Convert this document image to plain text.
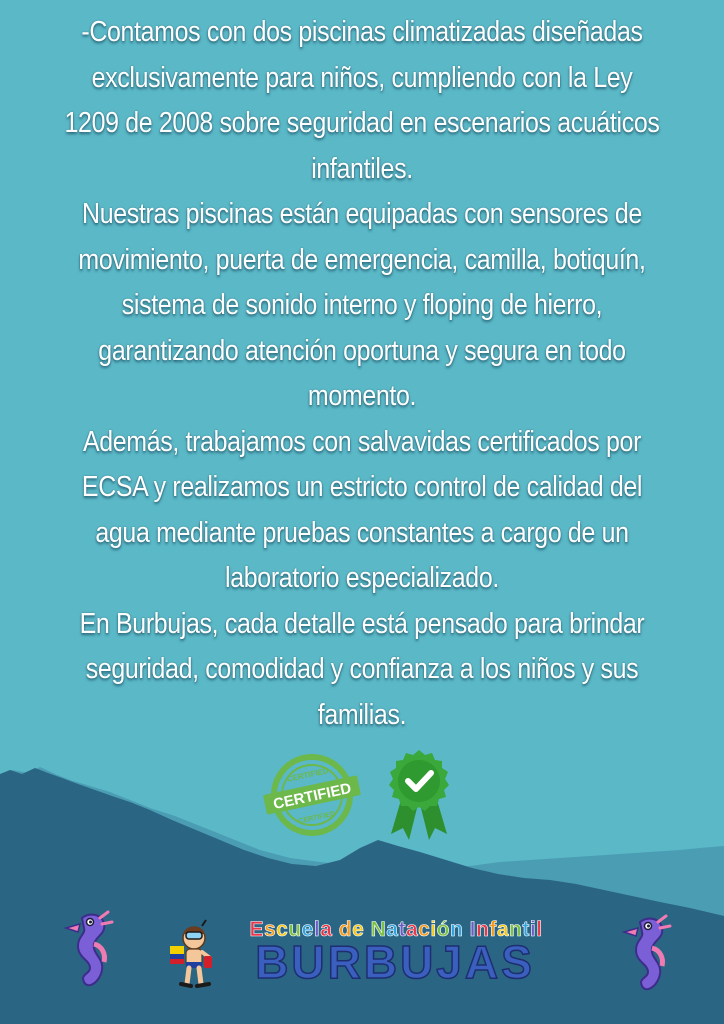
-Contamos con dos piscinas climatizadas diseñadas exclusivamente para niños, cumpliendo con la Ley 1209 de 2008 sobre seguridad en escenarios acuáticos infantiles.

Nuestras piscinas están equipadas con sensores de movimiento, puerta de emergencia, camilla, botiquín, sistema de sonido interno y floping de hierro, garantizando atención oportuna y segura en todo momento.

Además, trabajamos con salvavidas certificados por ECSA y realizamos un estricto control de calidad del agua mediante pruebas constantes a cargo de un laboratorio especializado.

En Burbujas, cada detalle está pensado para brindar seguridad, comodidad y confianza a los niños y sus familias.

CERTIFIED
CERTIFIED
CERTIFIED
Escuela de Natación Infantil
BURBUJAS
